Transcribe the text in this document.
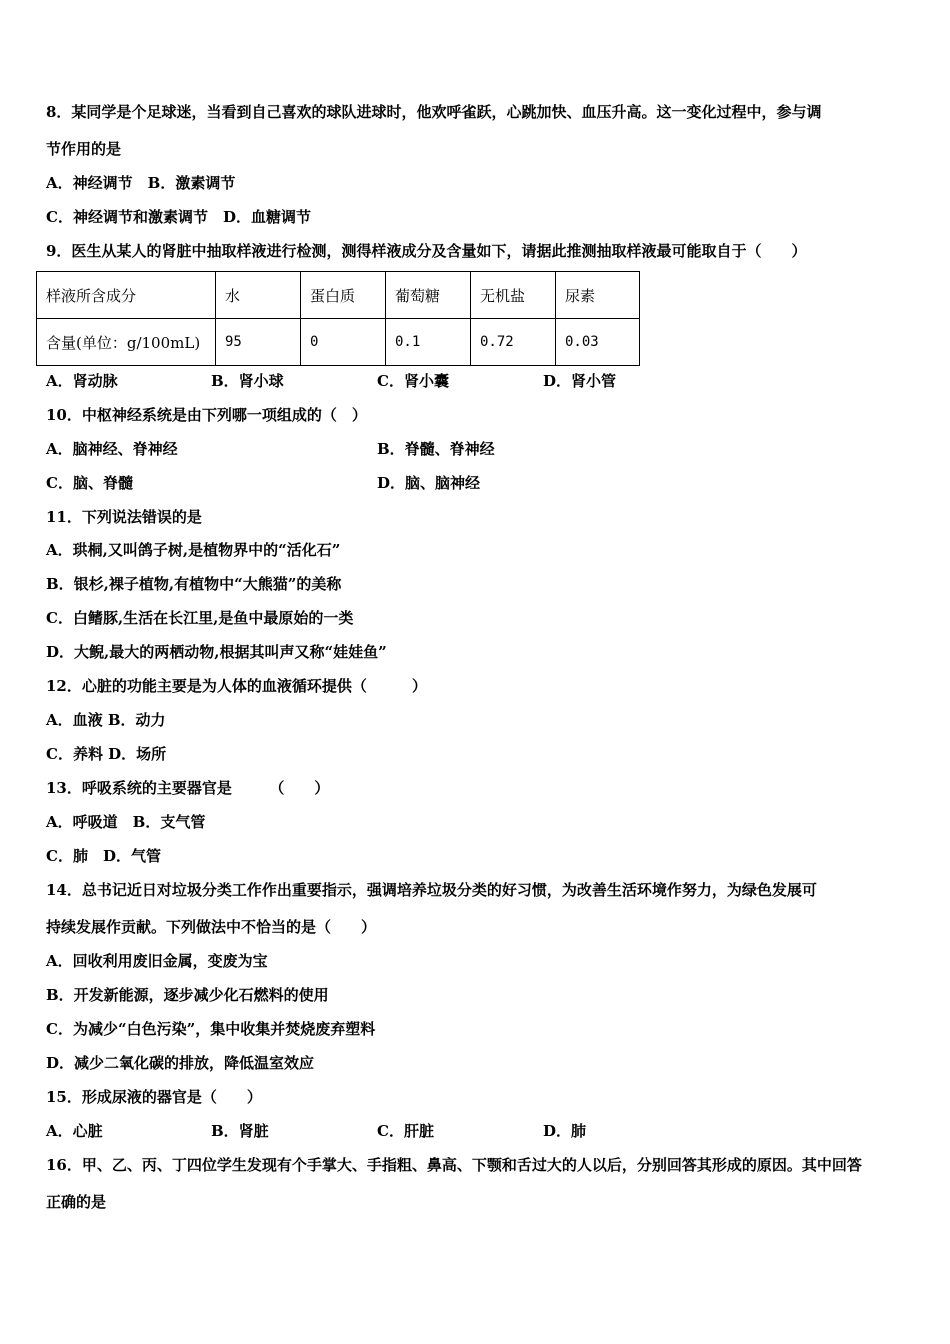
8．某同学是个足球迷，当看到自己喜欢的球队进球时，他欢呼雀跃，心跳加快、血压升高。这一变化过程中，参与调
节作用的是
A．神经调节　B．激素调节
C．神经调节和激素调节　D．血糖调节
9．医生从某人的肾脏中抽取样液进行检测，测得样液成分及含量如下，请据此推测抽取样液最可能取自于（　　）
样液所含成分	水	蛋白质	葡萄糖	无机盐	尿素
含量(单位：g/100mL)	95	0	0.1	0.72	0.03
A．肾动脉	B．肾小球	C．肾小囊	D．肾小管
10．中枢神经系统是由下列哪一项组成的（　）
A．脑神经、脊神经	B．脊髓、脊神经
C．脑、脊髓	D．脑、脑神经
11．下列说法错误的是
A．珙桐,又叫鸽子树,是植物界中的“活化石”
B．银杉,裸子植物,有植物中“大熊猫”的美称
C．白鳍豚,生活在长江里,是鱼中最原始的一类
D．大鲵,最大的两栖动物,根据其叫声又称“娃娃鱼”
12．心脏的功能主要是为人体的血液循环提供（　　　）
A．血液 B．动力
C．养料 D．场所
13．呼吸系统的主要器官是　　　（　　）
A．呼吸道　B．支气管
C．肺　D．气管
14．总书记近日对垃圾分类工作作出重要指示，强调培养垃圾分类的好习惯，为改善生活环境作努力，为绿色发展可
持续发展作贡献。下列做法中不恰当的是（　　）
A．回收利用废旧金属，变废为宝
B．开发新能源，逐步减少化石燃料的使用
C．为减少“白色污染”，集中收集并焚烧废弃塑料
D．减少二氧化碳的排放，降低温室效应
15．形成尿液的器官是（　　）
A．心脏	B．肾脏	C．肝脏	D．肺
16．甲、乙、丙、丁四位学生发现有个手掌大、手指粗、鼻高、下颚和舌过大的人以后，分别回答其形成的原因。其中回答
正确的是
